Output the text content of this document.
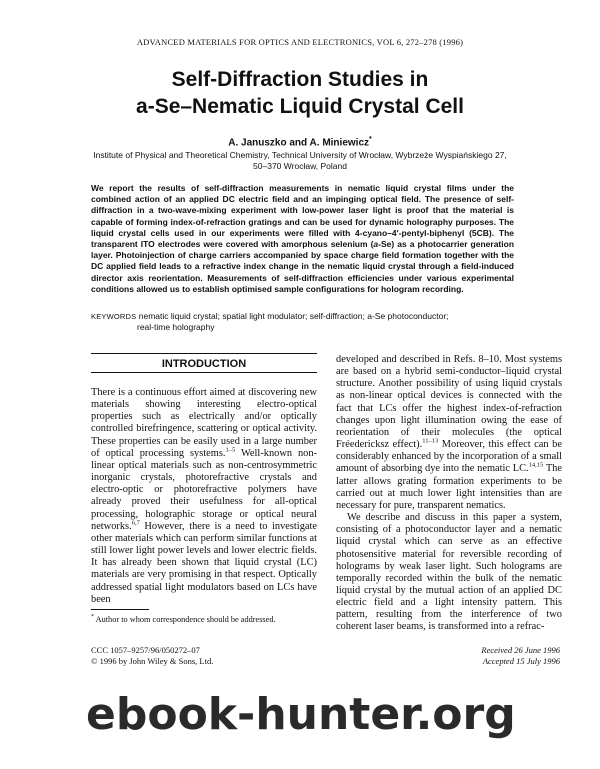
ADVANCED MATERIALS FOR OPTICS AND ELECTRONICS, VOL 6, 272–278 (1996)
Self-Diffraction Studies in
a-Se–Nematic Liquid Crystal Cell
A. Januszko and A. Miniewicz*
Institute of Physical and Theoretical Chemistry, Technical University of Wrocław, Wybrzeże Wyspiańskiego 27,
50–370 Wrocław, Poland
We report the results of self-diffraction measurements in nematic liquid crystal films under the combined action of an applied DC electric field and an impinging optical field. The presence of self-diffraction in a two-wave-mixing experiment with low-power laser light is proof that the material is capable of forming index-of-refraction gratings and can be used for dynamic holography purposes. The liquid crystal cells used in our experiments were filled with 4-cyano–4′-pentyl-biphenyl (5CB). The transparent ITO electrodes were covered with amorphous selenium (a-Se) as a photocarrier generation layer. Photoinjection of charge carriers accompanied by space charge field formation together with the DC applied field leads to a refractive index change in the nematic liquid crystal through a field-induced director axis reorientation. Measurements of self-diffraction efficiencies under various experimental conditions allowed us to establish optimised sample configurations for hologram recording.
KEYWORDS nematic liquid crystal; spatial light modulator; self-diffraction; a-Se photoconductor;
real-time holography
INTRODUCTION

There is a continuous effort aimed at discovering new materials showing interesting electro-optical properties such as electrically and/or optically controlled birefringence, scattering or optical activity. These properties can be easily used in a large number of optical processing systems.$^{1-5}$ Well-known non-linear optical materials such as non-centrosymmetric inorganic crystals, photorefractive crystals and electro-optic or photorefractive polymers have already proved their usefulness for all-optical processing, holographic storage or optical neural networks.$^{6,7}$ However, there is a need to investigate other materials which can perform similar functions at still lower light power levels and lower electric fields. It has already been shown that liquid crystal (LC) materials are very promising in that respect. Optically addressed spatial light modulators based on LCs have been

developed and described in Refs. 8–10. Most systems are based on a hybrid semi-conductor–liquid crystal structure. Another possibility of using liquid crystals as non-linear optical devices is connected with the fact that LCs offer the highest index-of-refraction changes upon light illumination owing the ease of reorientation of their molecules (the optical Fréedericksz effect).$^{11-13}$ Moreover, this effect can be considerably enhanced by the incorporation of a small amount of absorbing dye into the nematic LC.$^{14,15}$ The latter allows grating formation experiments to be carried out at much lower light intensities than are necessary for pure, transparent nematics.

We describe and discuss in this paper a system, consisting of a photoconductor layer and a nematic liquid crystal which can serve as an effective photosensitive material for reversible recording of holograms by weak laser light. Such holograms are temporally recorded within the bulk of the nematic liquid crystal by the mutual action of an applied DC electric field and a light intensity pattern. This pattern, resulting from the interference of two coherent laser beams, is transformed into a refrac-

* Author to whom correspondence should be addressed.
CCC 1057–9257/96/050272–07
© 1996 by John Wiley & Sons, Ltd.
Received 26 June 1996
Accepted 15 July 1996
ebook-hunter.org
